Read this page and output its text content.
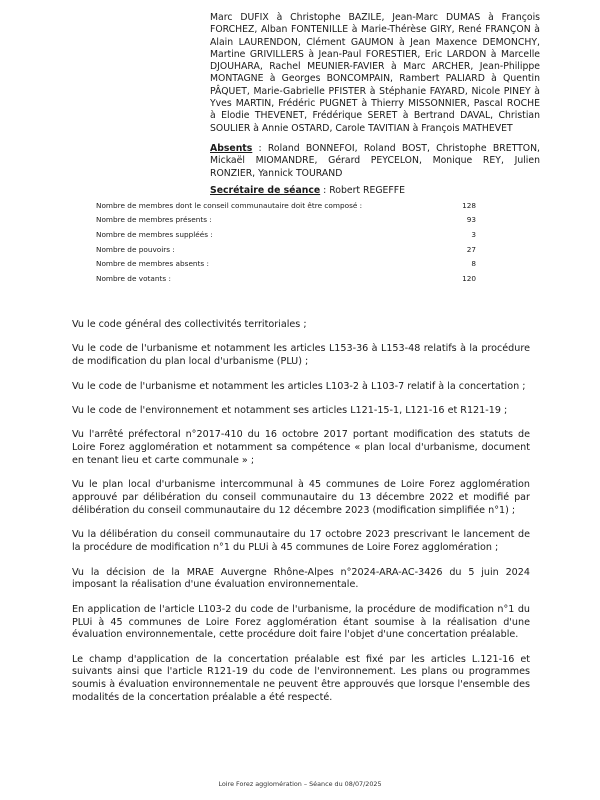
Marc DUFIX à Christophe BAZILE, Jean-Marc DUMAS à François FORCHEZ, Alban FONTENILLE à Marie-Thérèse GIRY, René FRANÇON à Alain LAURENDON, Clément GAUMON à Jean Maxence DEMONCHY, Martine GRIVILLERS à Jean-Paul FORESTIER, Eric LARDON à Marcelle DJOUHARA, Rachel MEUNIER-FAVIER à Marc ARCHER, Jean-Philippe MONTAGNE à Georges BONCOMPAIN, Rambert PALIARD à Quentin PÂQUET, Marie-Gabrielle PFISTER à Stéphanie FAYARD, Nicole PINEY à Yves MARTIN, Frédéric PUGNET à Thierry MISSONNIER, Pascal ROCHE à Elodie THEVENET, Frédérique SERET à Bertrand DAVAL, Christian SOULIER à Annie OSTARD, Carole TAVITIAN à François MATHEVET

Absents : Roland BONNEFOI, Roland BOST, Christophe BRETTON, Mickaël MIOMANDRE, Gérard PEYCELON, Monique REY, Julien RONZIER, Yannick TOURAND

Secrétaire de séance : Robert REGEFFE

Nombre de membres dont le conseil communautaire doit être composé :	128
Nombre de membres présents :	93
Nombre de membres suppléés :	3
Nombre de pouvoirs :	27
Nombre de membres absents :	8
Nombre de votants :	120

Vu le code général des collectivités territoriales ;

Vu le code de l'urbanisme et notamment les articles L153-36 à L153-48 relatifs à la procédure de modification du plan local d'urbanisme (PLU) ;

Vu le code de l'urbanisme et notamment les articles L103-2 à L103-7 relatif à la concertation ;

Vu le code de l'environnement et notamment ses articles L121-15-1, L121-16 et R121-19 ;

Vu l'arrêté préfectoral n°2017-410 du 16 octobre 2017 portant modification des statuts de Loire Forez agglomération et notamment sa compétence « plan local d'urbanisme, document en tenant lieu et carte communale » ;

Vu le plan local d'urbanisme intercommunal à 45 communes de Loire Forez agglomération approuvé par délibération du conseil communautaire du 13 décembre 2022 et modifié par délibération du conseil communautaire du 12 décembre 2023 (modification simplifiée n°1) ;

Vu la délibération du conseil communautaire du 17 octobre 2023 prescrivant le lancement de la procédure de modification n°1 du PLUi à 45 communes de Loire Forez agglomération ;

Vu la décision de la MRAE Auvergne Rhône-Alpes n°2024-ARA-AC-3426 du 5 juin 2024 imposant la réalisation d'une évaluation environnementale.

En application de l'article L103-2 du code de l'urbanisme, la procédure de modification n°1 du PLUi à 45 communes de Loire Forez agglomération étant soumise à la réalisation d'une évaluation environnementale, cette procédure doit faire l'objet d'une concertation préalable.

Le champ d'application de la concertation préalable est fixé par les articles L.121-16 et suivants ainsi que l'article R121-19 du code de l'environnement. Les plans ou programmes soumis à évaluation environnementale ne peuvent être approuvés que lorsque l'ensemble des modalités de la concertation préalable a été respecté.

Loire Forez agglomération – Séance du 08/07/2025
